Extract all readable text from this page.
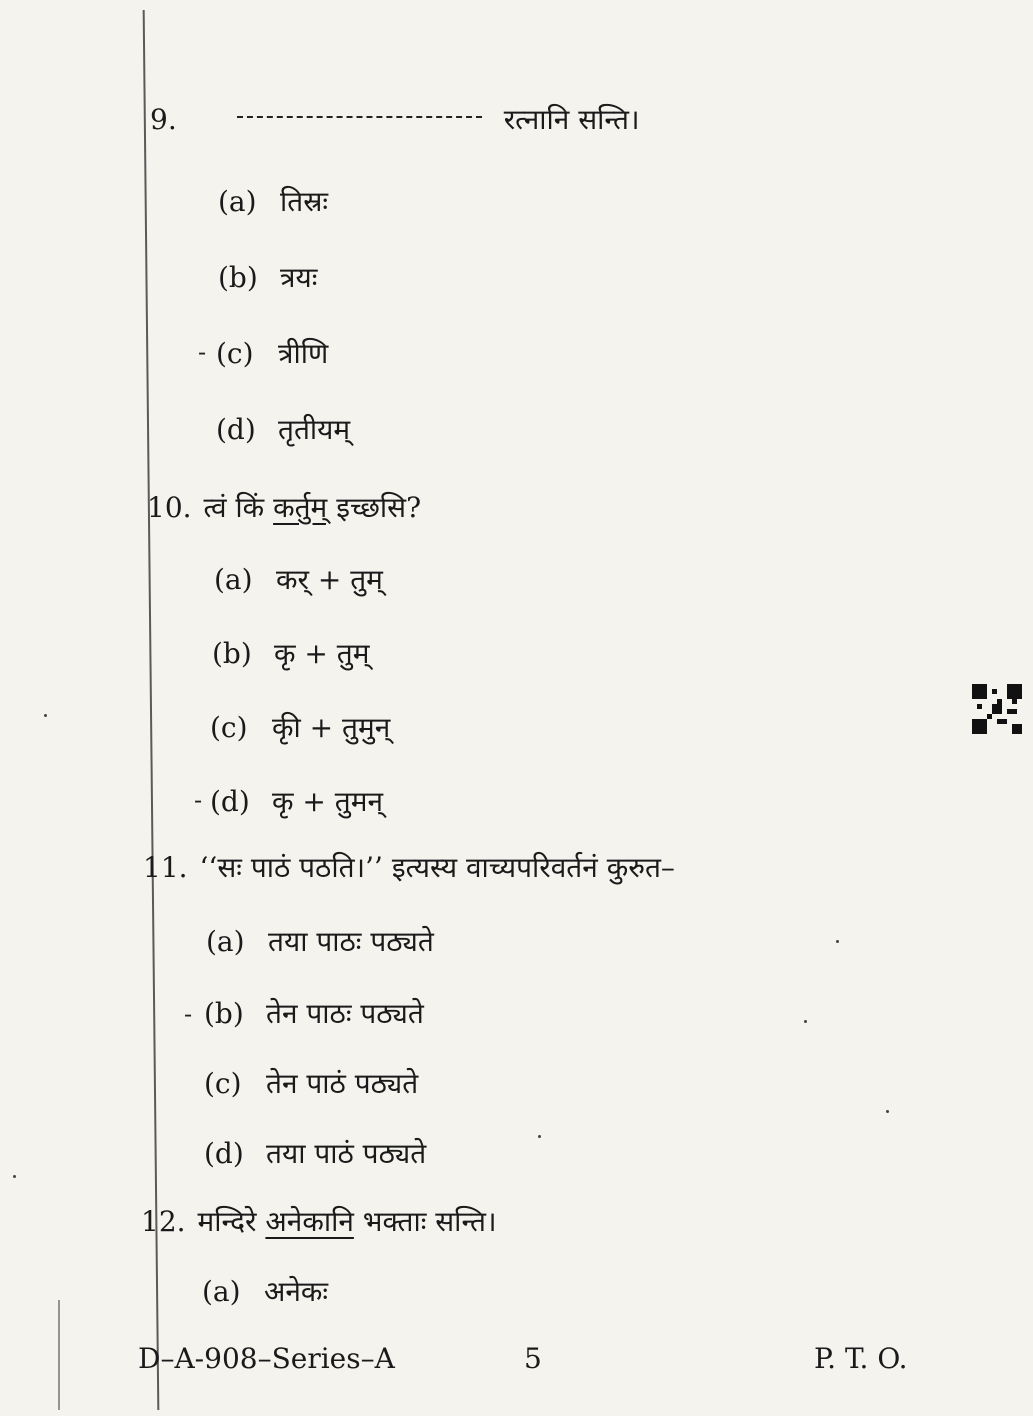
9.	रत्नानि सन्ति।
(a) तिस्रः
(b) त्रयः
- (c) त्रीणि
(d) तृतीयम्
10. त्वं किं कर्तुम् इच्छसि?
(a) कर् + तुम्
(b) कृ + तुम्
(c) कृी + तुमुन्
- (d) कृ + तुमन्
11. ‘‘सः पाठं पठति।’’ इत्यस्य वाच्यपरिवर्तनं कुरुत–
(a) तया पाठः पठ्यते
- (b) तेन पाठः पठ्यते
(c) तेन पाठं पठ्यते
(d) तया पाठं पठ्यते
12. मन्दिरे अनेकानि भक्ताः सन्ति।
(a) अनेकः
D–A-908–Series–A	5	P. T. O.
